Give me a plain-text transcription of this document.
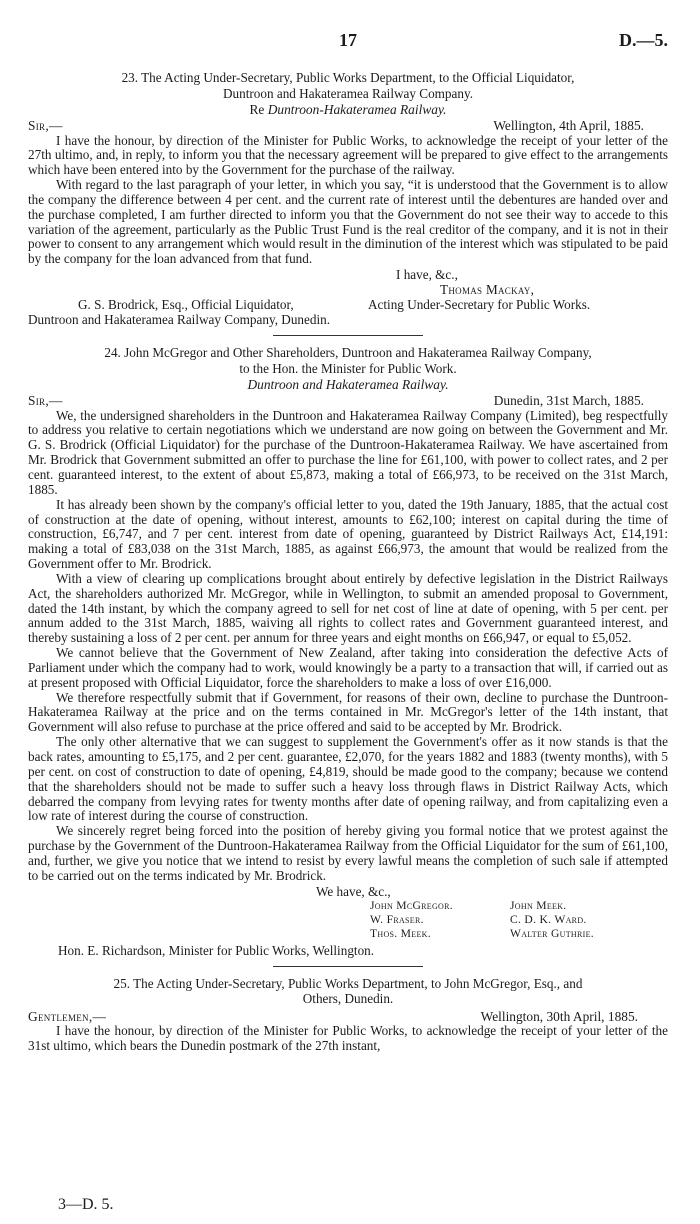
17	D.—5.

23. The Acting Under-Secretary, Public Works Department, to the Official Liquidator,

Duntroon and Hakateramea Railway Company.

Re Duntroon-Hakateramea Railway.

Sir,—	Wellington, 4th April, 1885.

I have the honour, by direction of the Minister for Public Works, to acknowledge the receipt of your letter of the 27th ultimo, and, in reply, to inform you that the necessary agreement will be prepared to give effect to the arrangements which have been entered into by the Government for the purchase of the railway.

With regard to the last paragraph of your letter, in which you say, “it is understood that the Government is to allow the company the difference between 4 per cent. and the current rate of interest until the debentures are handed over and the purchase completed, I am further directed to inform you that the Government do not see their way to accede to this variation of the agreement, particularly as the Public Trust Fund is the real creditor of the company, and it is not in their power to consent to any arrangement which would result in the diminution of the interest which was stipulated to be paid by the company for the loan advanced from that fund.

I have, &c.,

Thomas Mackay,

G. S. Brodrick, Esq., Official Liquidator,	Acting Under-Secretary for Public Works.

Duntroon and Hakateramea Railway Company, Dunedin.

24. John McGregor and Other Shareholders, Duntroon and Hakateramea Railway Company,

to the Hon. the Minister for Public Work.

Duntroon and Hakateramea Railway.

Sir,—	Dunedin, 31st March, 1885.

We, the undersigned shareholders in the Duntroon and Hakateramea Railway Company (Limited), beg respectfully to address you relative to certain negotiations which we understand are now going on between the Government and Mr. G. S. Brodrick (Official Liquidator) for the purchase of the Duntroon-Hakateramea Railway. We have ascertained from Mr. Brodrick that Government submitted an offer to purchase the line for £61,100, with power to collect rates, and 2 per cent. guaranteed interest, to the extent of about £5,873, making a total of £66,973, to be received on the 31st March, 1885.

It has already been shown by the company's official letter to you, dated the 19th January, 1885, that the actual cost of construction at the date of opening, without interest, amounts to £62,100; interest on capital during the time of construction, £6,747, and 7 per cent. interest from date of opening, guaranteed by District Railways Act, £14,191: making a total of £83,038 on the 31st March, 1885, as against £66,973, the amount that would be realized from the Government offer to Mr. Brodrick.

With a view of clearing up complications brought about entirely by defective legislation in the District Railways Act, the shareholders authorized Mr. McGregor, while in Wellington, to submit an amended proposal to Government, dated the 14th instant, by which the company agreed to sell for net cost of line at date of opening, with 5 per cent. per annum added to the 31st March, 1885, waiving all rights to collect rates and Government guaranteed interest, and thereby sustaining a loss of 2 per cent. per annum for three years and eight months on £66,947, or equal to £5,052.

We cannot believe that the Government of New Zealand, after taking into consideration the defective Acts of Parliament under which the company had to work, would knowingly be a party to a transaction that will, if carried out as at present proposed with Official Liquidator, force the shareholders to make a loss of over £16,000.

We therefore respectfully submit that if Government, for reasons of their own, decline to purchase the Duntroon-Hakateramea Railway at the price and on the terms contained in Mr. McGregor's letter of the 14th instant, that Government will also refuse to purchase at the price offered and said to be accepted by Mr. Brodrick.

The only other alternative that we can suggest to supplement the Government's offer as it now stands is that the back rates, amounting to £5,175, and 2 per cent. guarantee, £2,070, for the years 1882 and 1883 (twenty months), with 5 per cent. on cost of construction to date of opening, £4,819, should be made good to the company; because we contend that the shareholders should not be made to suffer such a heavy loss through flaws in District Railway Acts, which debarred the company from levying rates for twenty months after date of opening railway, and from capitalizing even a low rate of interest during the course of construction.

We sincerely regret being forced into the position of hereby giving you formal notice that we protest against the purchase by the Government of the Duntroon-Hakateramea Railway from the Official Liquidator for the sum of £61,100, and, further, we give you notice that we intend to resist by every lawful means the completion of such sale if attempted to be carried out on the terms indicated by Mr. Brodrick.

We have, &c.,

John McGregor.	John Meek.
W. Fraser.	C. D. K. Ward.
Thos. Meek.	Walter Guthrie.

Hon. E. Richardson, Minister for Public Works, Wellington.

25. The Acting Under-Secretary, Public Works Department, to John McGregor, Esq., and

Others, Dunedin.

Gentlemen,—	Wellington, 30th April, 1885.

I have the honour, by direction of the Minister for Public Works, to acknowledge the receipt of your letter of the 31st ultimo, which bears the Dunedin postmark of the 27th instant,

3—D. 5.
